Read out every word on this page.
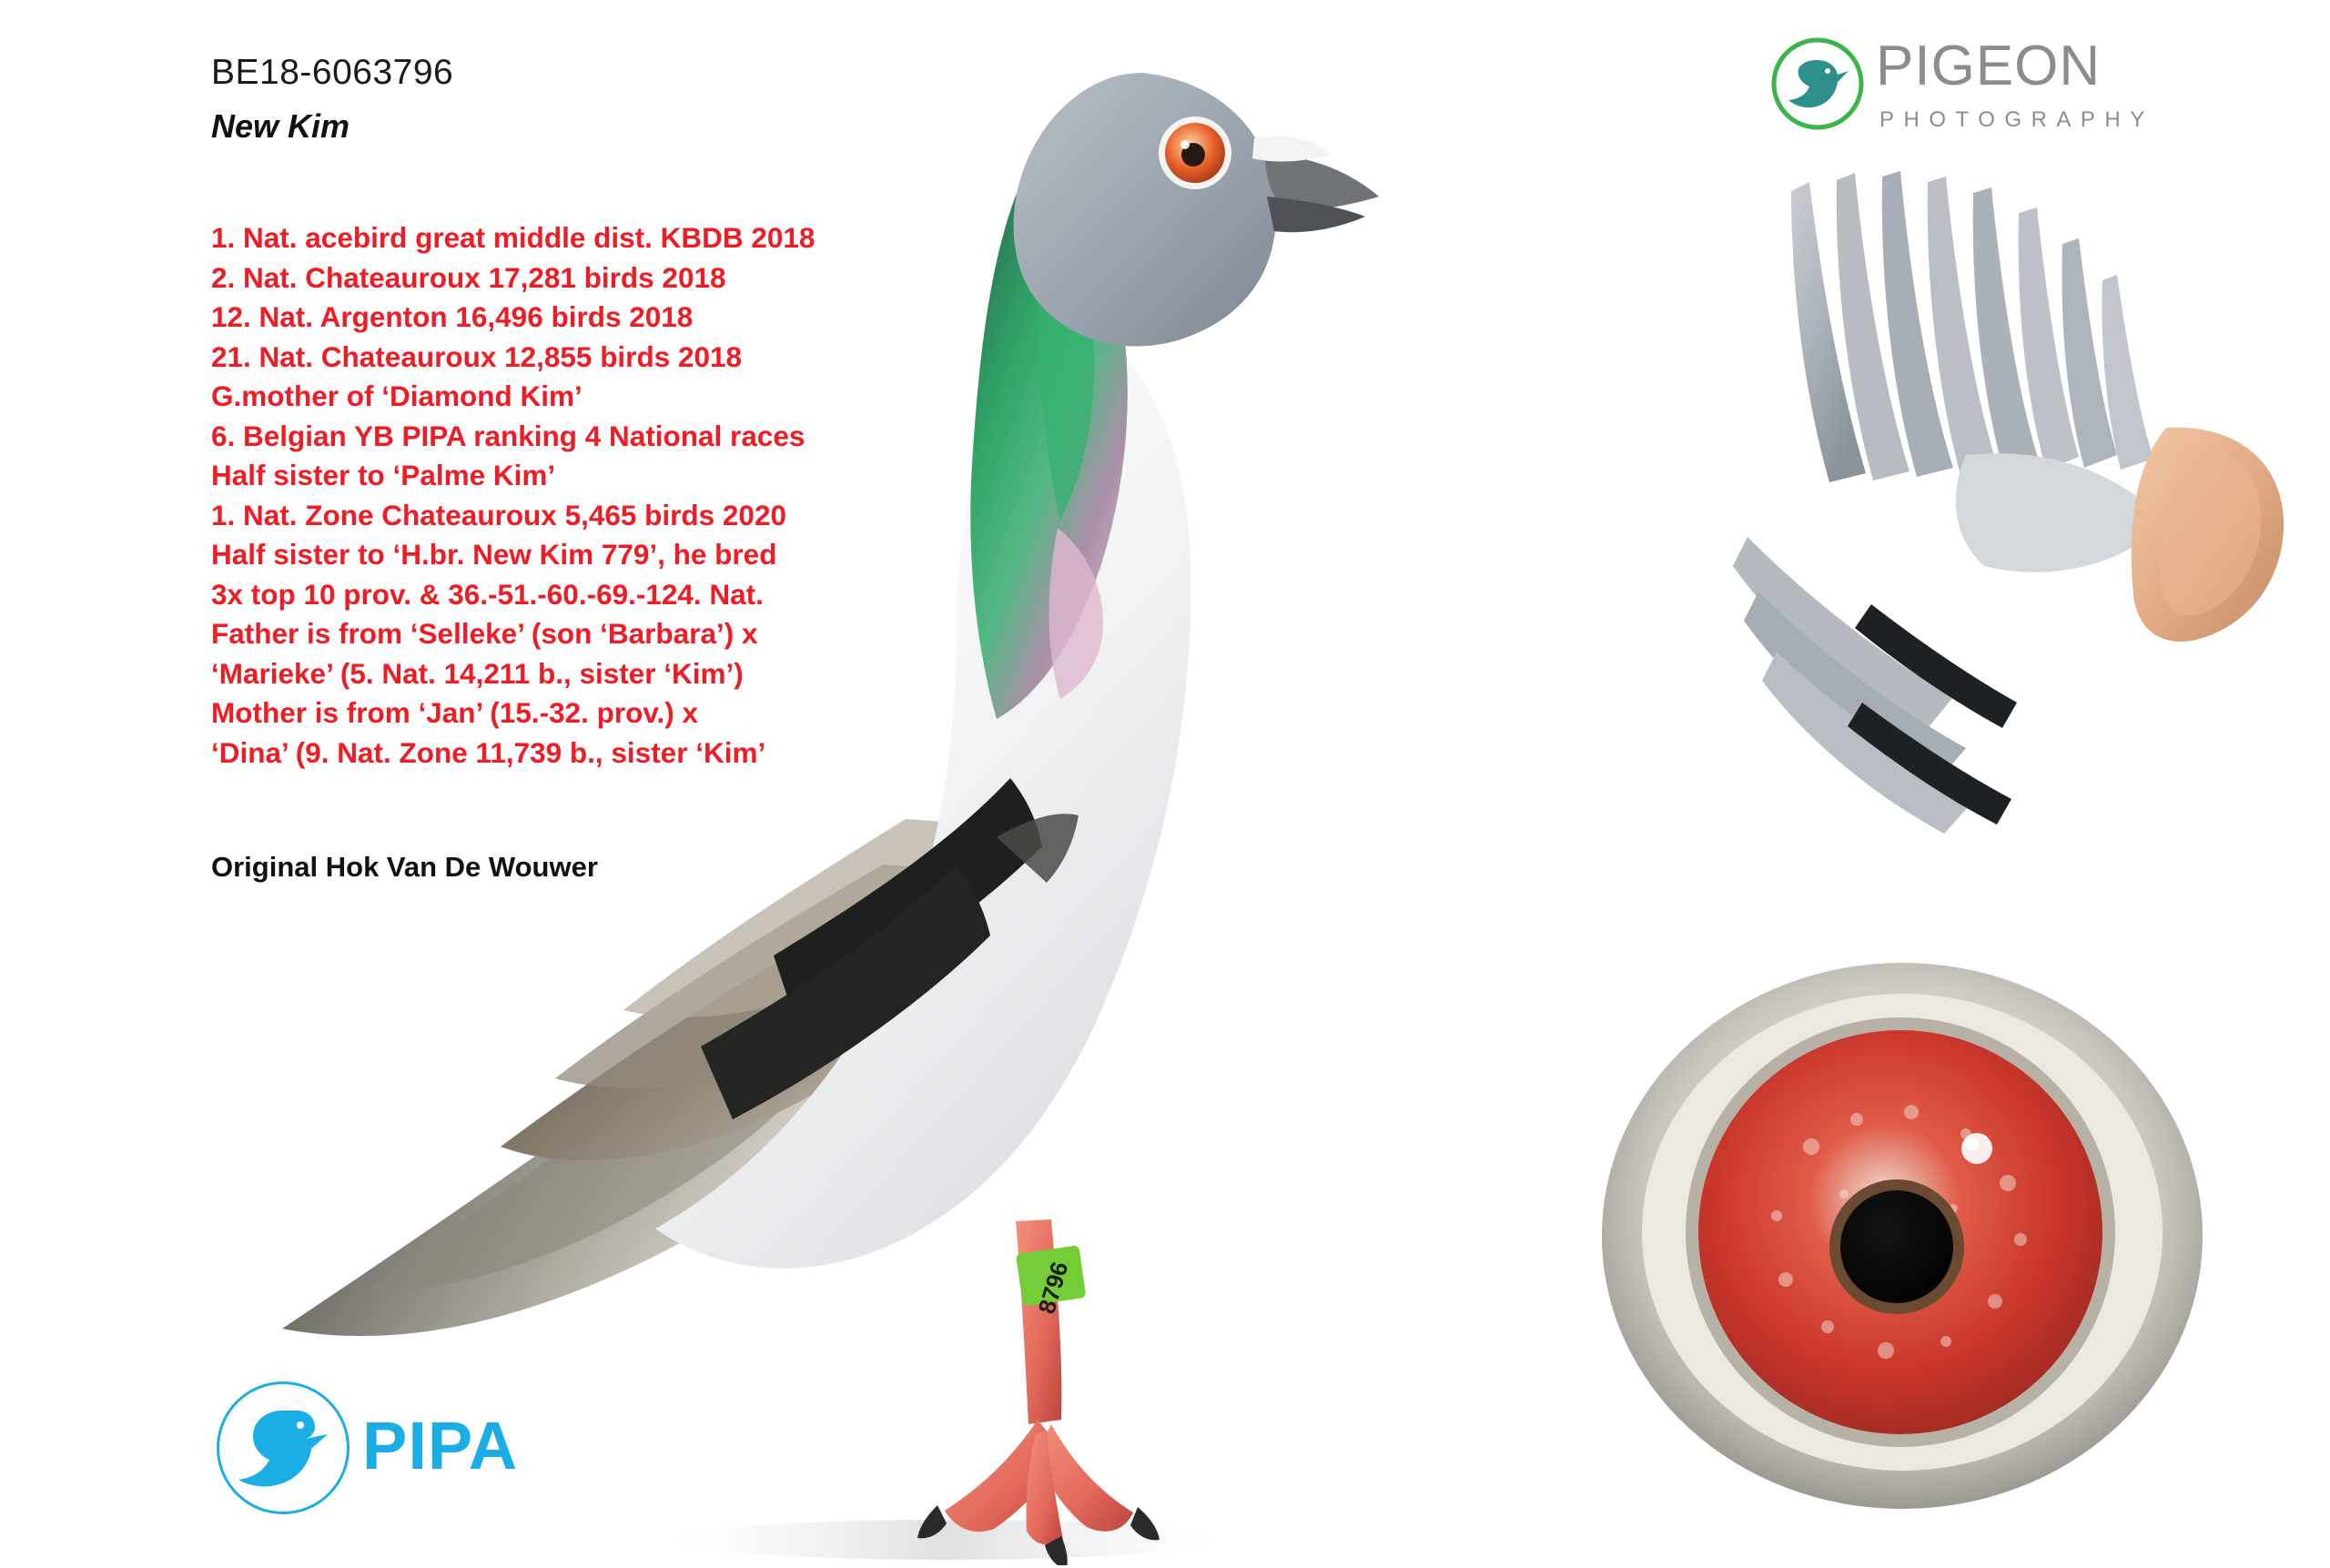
8796
BE18-6063796
New Kim
1. Nat. acebird great middle dist. KBDB 2018
2. Nat. Chateauroux 17,281 birds 2018
12. Nat. Argenton 16,496 birds 2018
21. Nat. Chateauroux 12,855 birds 2018
G.mother of ‘Diamond Kim’
6. Belgian YB PIPA ranking 4 National races
Half sister to ‘Palme Kim’
1. Nat. Zone Chateauroux 5,465 birds 2020
Half sister to ‘H.br. New Kim 779’, he bred
3x top 10 prov. & 36.-51.-60.-69.-124. Nat.
Father is from ‘Selleke’ (son ‘Barbara’) x
‘Marieke’ (5. Nat. 14,211 b., sister ‘Kim’)
Mother is from ‘Jan’ (15.-32. prov.) x
‘Dina’ (9. Nat. Zone 11,739 b., sister ‘Kim’
Original Hok Van De Wouwer
PIPA
PIGEON
PHOTOGRAPHY
